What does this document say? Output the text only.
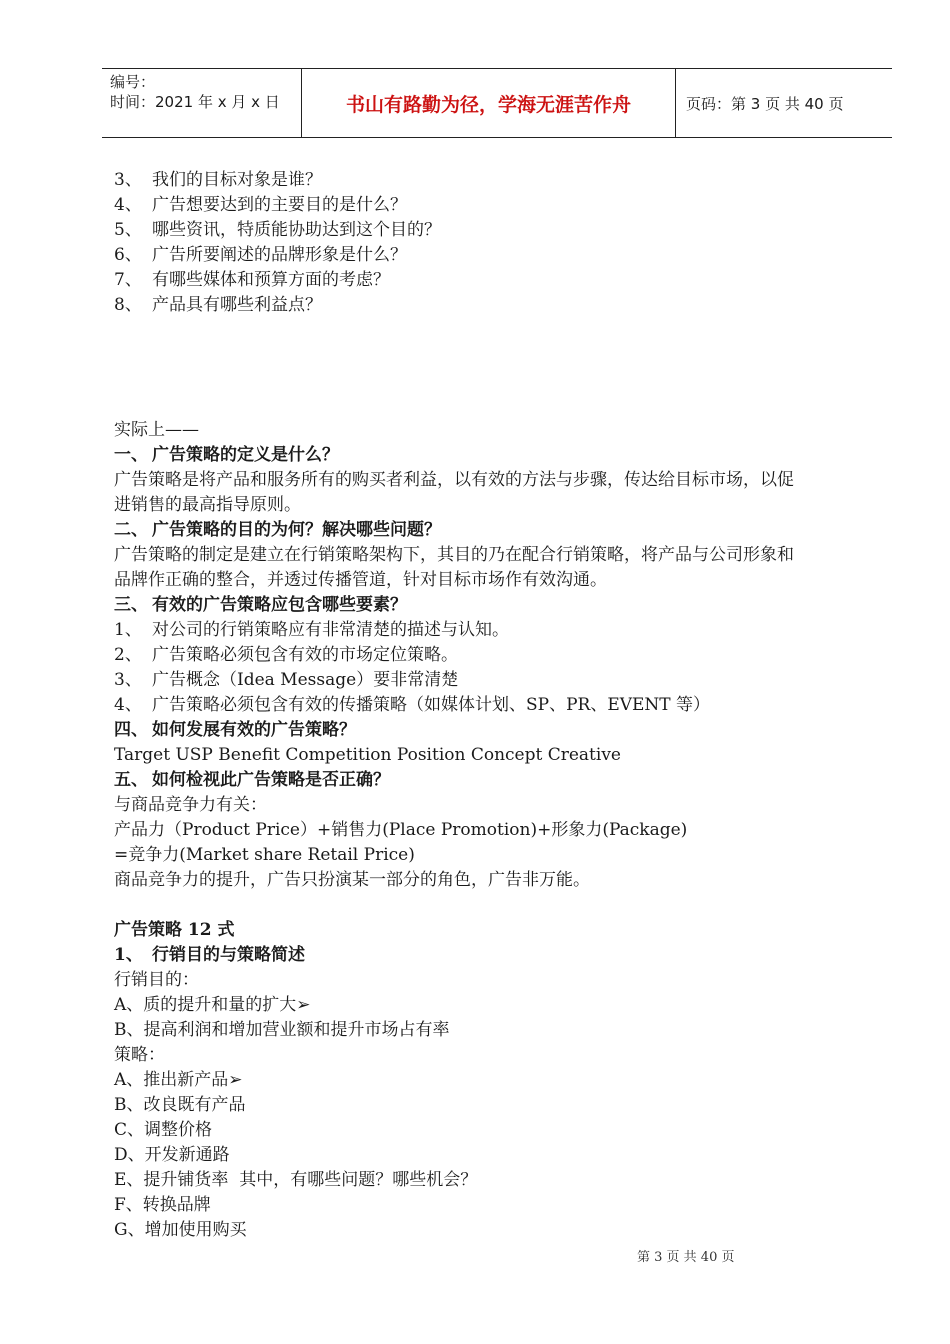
编号：
时间：2021 年 x 月 x 日	书山有路勤为径，学海无涯苦作舟	页码：第 3 页 共 40 页
3、 我们的目标对象是谁？
4、 广告想要达到的主要目的是什么？
5、 哪些资讯，特质能协助达到这个目的？
6、 广告所要阐述的品牌形象是什么？
7、 有哪些媒体和预算方面的考虑？
8、 产品具有哪些利益点？
实际上——
一、 广告策略的定义是什么？
广告策略是将产品和服务所有的购买者利益，以有效的方法与步骤，传达给目标市场，以促
进销售的最高指导原则。
二、 广告策略的目的为何？解决哪些问题？
广告策略的制定是建立在行销策略架构下，其目的乃在配合行销策略，将产品与公司形象和
品牌作正确的整合，并透过传播管道，针对目标市场作有效沟通。
三、 有效的广告策略应包含哪些要素？
1、 对公司的行销策略应有非常清楚的描述与认知。
2、 广告策略必须包含有效的市场定位策略。
3、 广告概念（Idea Message）要非常清楚
4、 广告策略必须包含有效的传播策略（如媒体计划、SP、PR、EVENT 等）
四、 如何发展有效的广告策略？
Target USP Benefit Competition Position Concept Creative
五、 如何检视此广告策略是否正确？
与商品竞争力有关：
产品力（Product Price）+销售力(Place Promotion)+形象力(Package)
=竞争力(Market share Retail Price)
商品竞争力的提升，广告只扮演某一部分的角色，广告非万能。
广告策略 12 式
1、 行销目的与策略简述
行销目的：
A、质的提升和量的扩大➢
B、提高利润和增加营业额和提升市场占有率
策略：
A、推出新产品➢
B、改良既有产品
C、调整价格
D、开发新通路
E、提升铺货率  其中，有哪些问题？哪些机会？
F、转换品牌
G、增加使用购买
第 3 页 共 40 页
